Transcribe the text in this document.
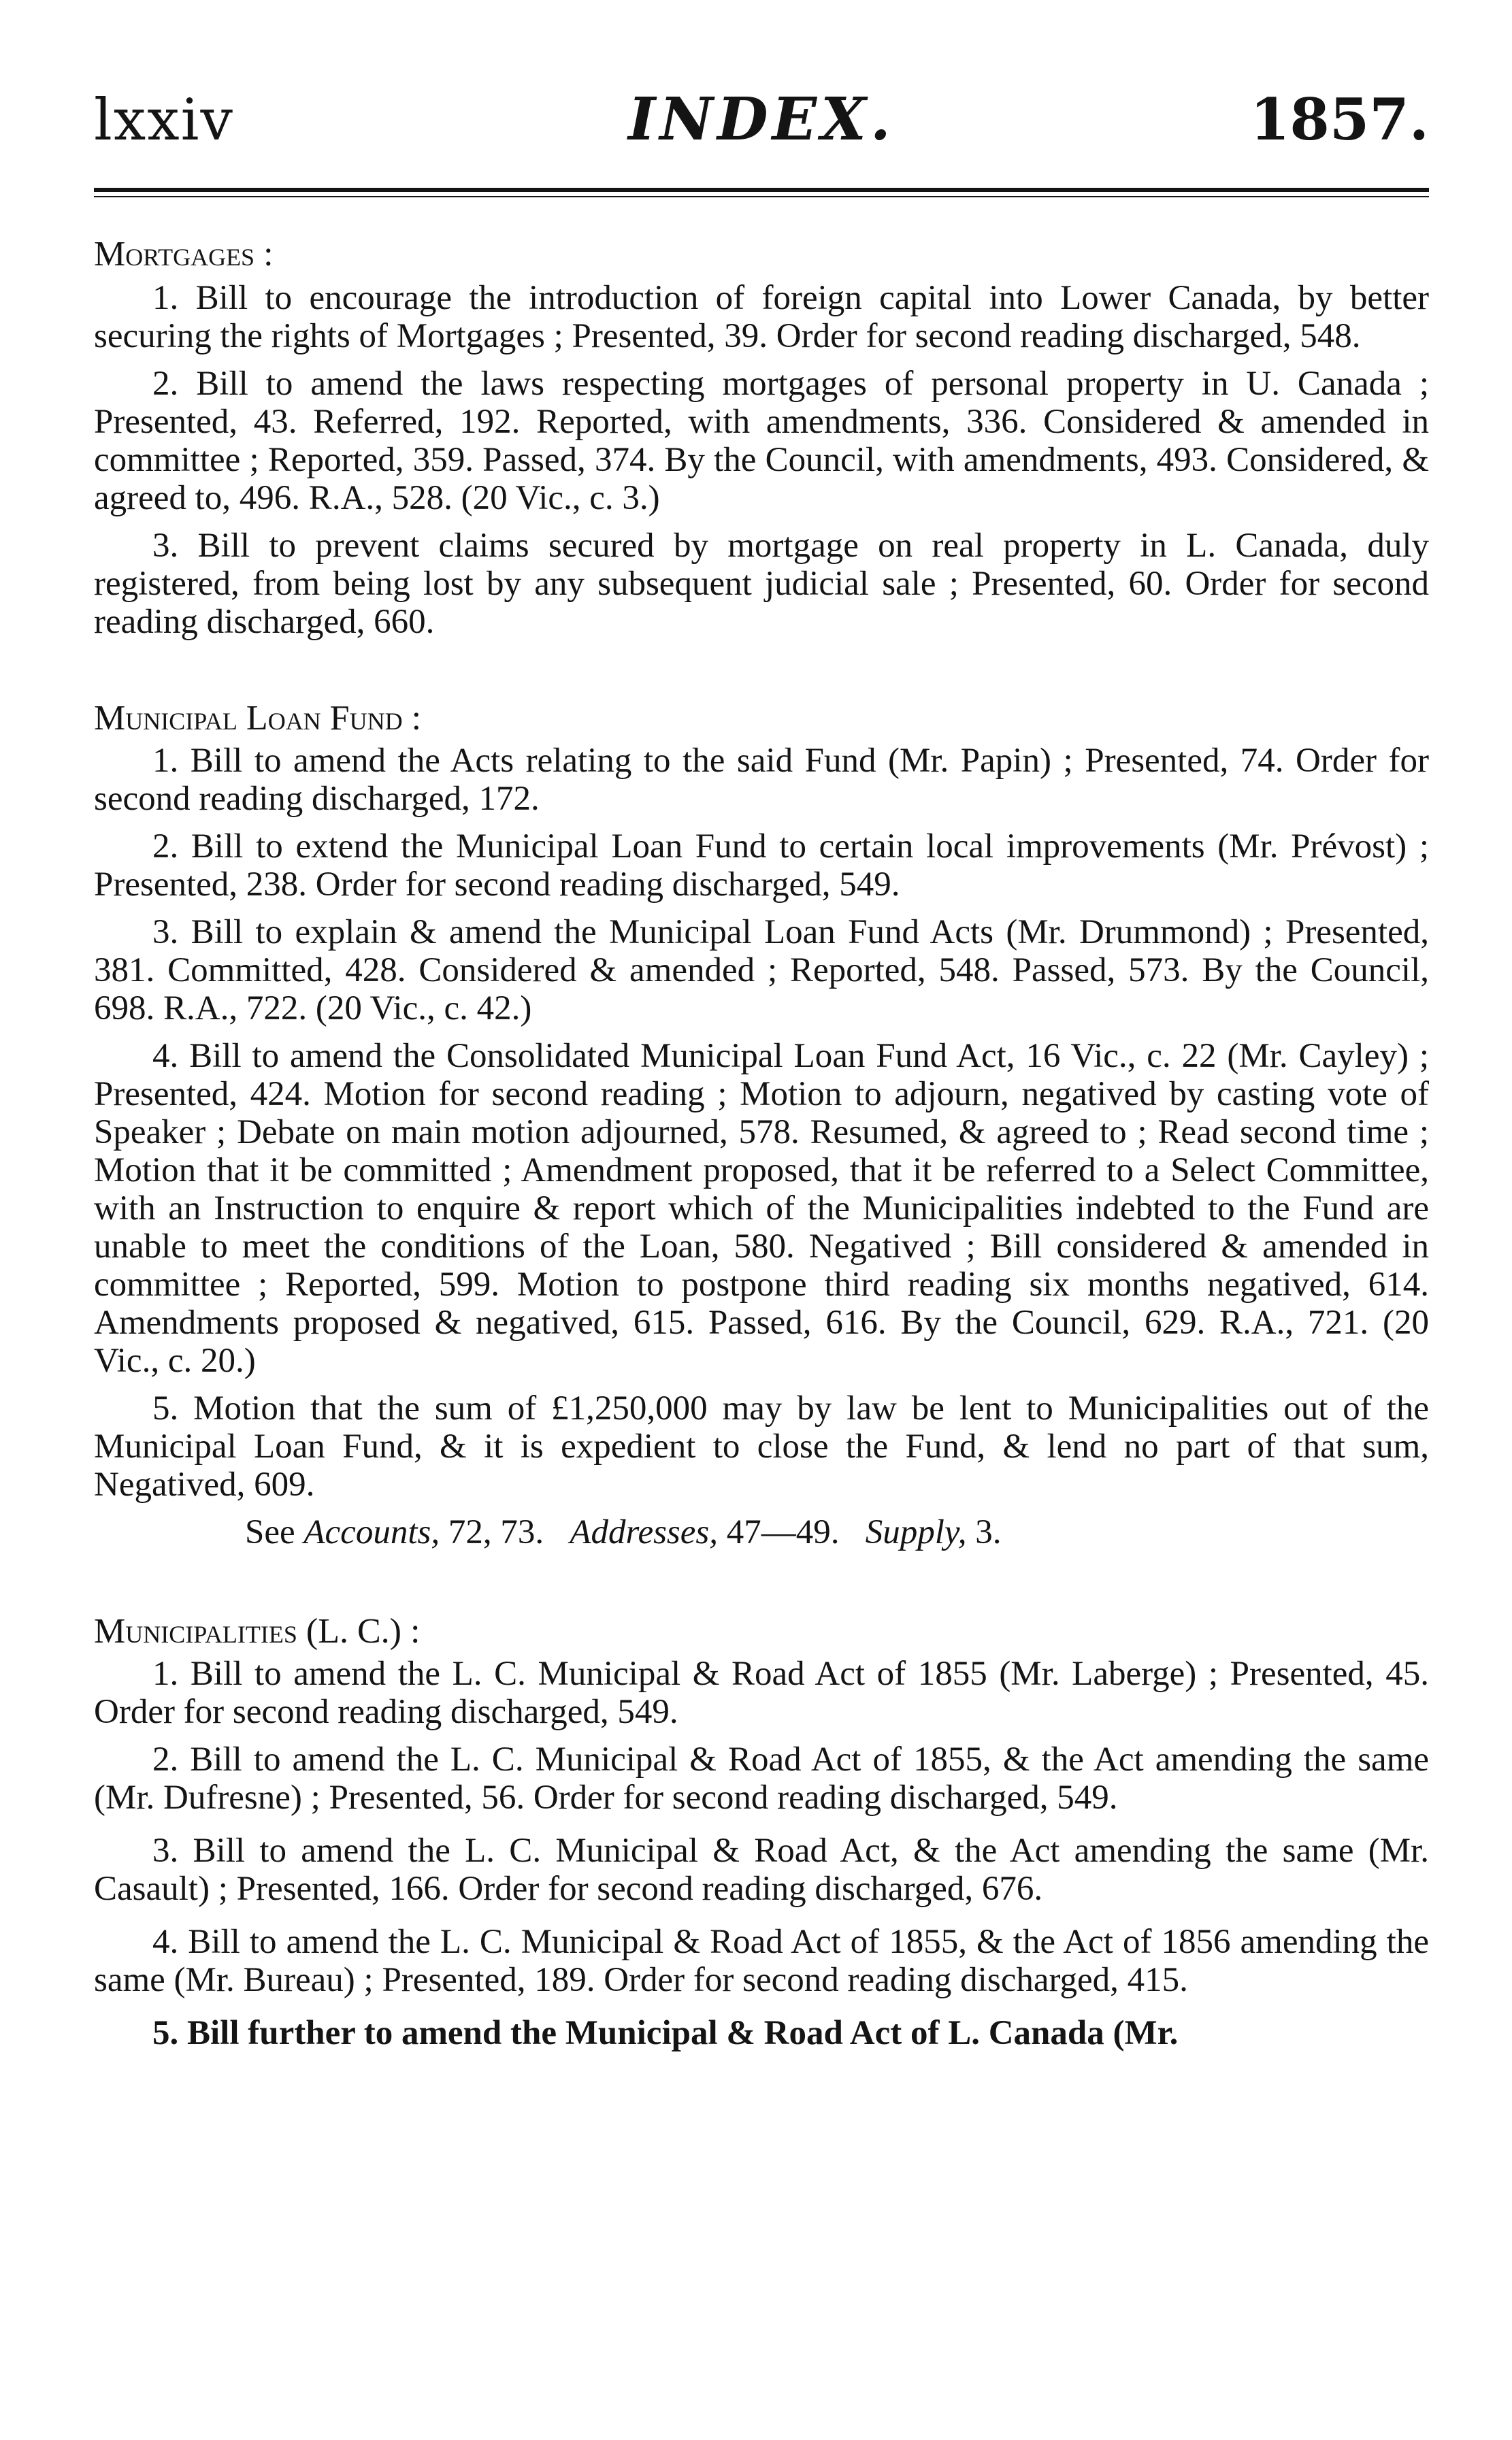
lxxiv	INDEX.	1857.

Mortgages :

1. Bill to encourage the introduction of foreign capital into Lower Canada, by better securing the rights of Mortgages ; Presented, 39. Order for second reading discharged, 548.

2. Bill to amend the laws respecting mortgages of personal property in U. Canada ; Presented, 43. Referred, 192. Reported, with amendments, 336. Considered & amended in committee ; Reported, 359. Passed, 374. By the Council, with amendments, 493. Considered, & agreed to, 496. R.A., 528. (20 Vic., c. 3.)

3. Bill to prevent claims secured by mortgage on real property in L. Canada, duly registered, from being lost by any subsequent judicial sale ; Presented, 60. Order for second reading discharged, 660.

Municipal Loan Fund :

1. Bill to amend the Acts relating to the said Fund (Mr. Papin) ; Presented, 74. Order for second reading discharged, 172.

2. Bill to extend the Municipal Loan Fund to certain local improvements (Mr. Prévost) ; Presented, 238. Order for second reading discharged, 549.

3. Bill to explain & amend the Municipal Loan Fund Acts (Mr. Drummond) ; Presented, 381. Committed, 428. Considered & amended ; Reported, 548. Passed, 573. By the Council, 698. R.A., 722. (20 Vic., c. 42.)

4. Bill to amend the Consolidated Municipal Loan Fund Act, 16 Vic., c. 22 (Mr. Cayley) ; Presented, 424. Motion for second reading ; Motion to adjourn, negatived by casting vote of Speaker ; Debate on main motion adjourned, 578. Resumed, & agreed to ; Read second time ; Motion that it be committed ; Amendment proposed, that it be referred to a Select Committee, with an Instruction to enquire & report which of the Municipalities indebted to the Fund are unable to meet the conditions of the Loan, 580. Negatived ; Bill considered & amended in committee ; Reported, 599. Motion to postpone third reading six months negatived, 614. Amendments proposed & negatived, 615. Passed, 616. By the Council, 629. R.A., 721. (20 Vic., c. 20.)

5. Motion that the sum of £1,250,000 may by law be lent to Municipalities out of the Municipal Loan Fund, & it is expedient to close the Fund, & lend no part of that sum, Negatived, 609.

See Accounts, 72, 73. Addresses, 47—49. Supply, 3.

Municipalities (L. C.) :

1. Bill to amend the L. C. Municipal & Road Act of 1855 (Mr. Laberge) ; Presented, 45. Order for second reading discharged, 549.

2. Bill to amend the L. C. Municipal & Road Act of 1855, & the Act amending the same (Mr. Dufresne) ; Presented, 56. Order for second reading discharged, 549.

3. Bill to amend the L. C. Municipal & Road Act, & the Act amending the same (Mr. Casault) ; Presented, 166. Order for second reading discharged, 676.

4. Bill to amend the L. C. Municipal & Road Act of 1855, & the Act of 1856 amending the same (Mr. Bureau) ; Presented, 189. Order for second reading discharged, 415.

5. Bill further to amend the Municipal & Road Act of L. Canada (Mr.
